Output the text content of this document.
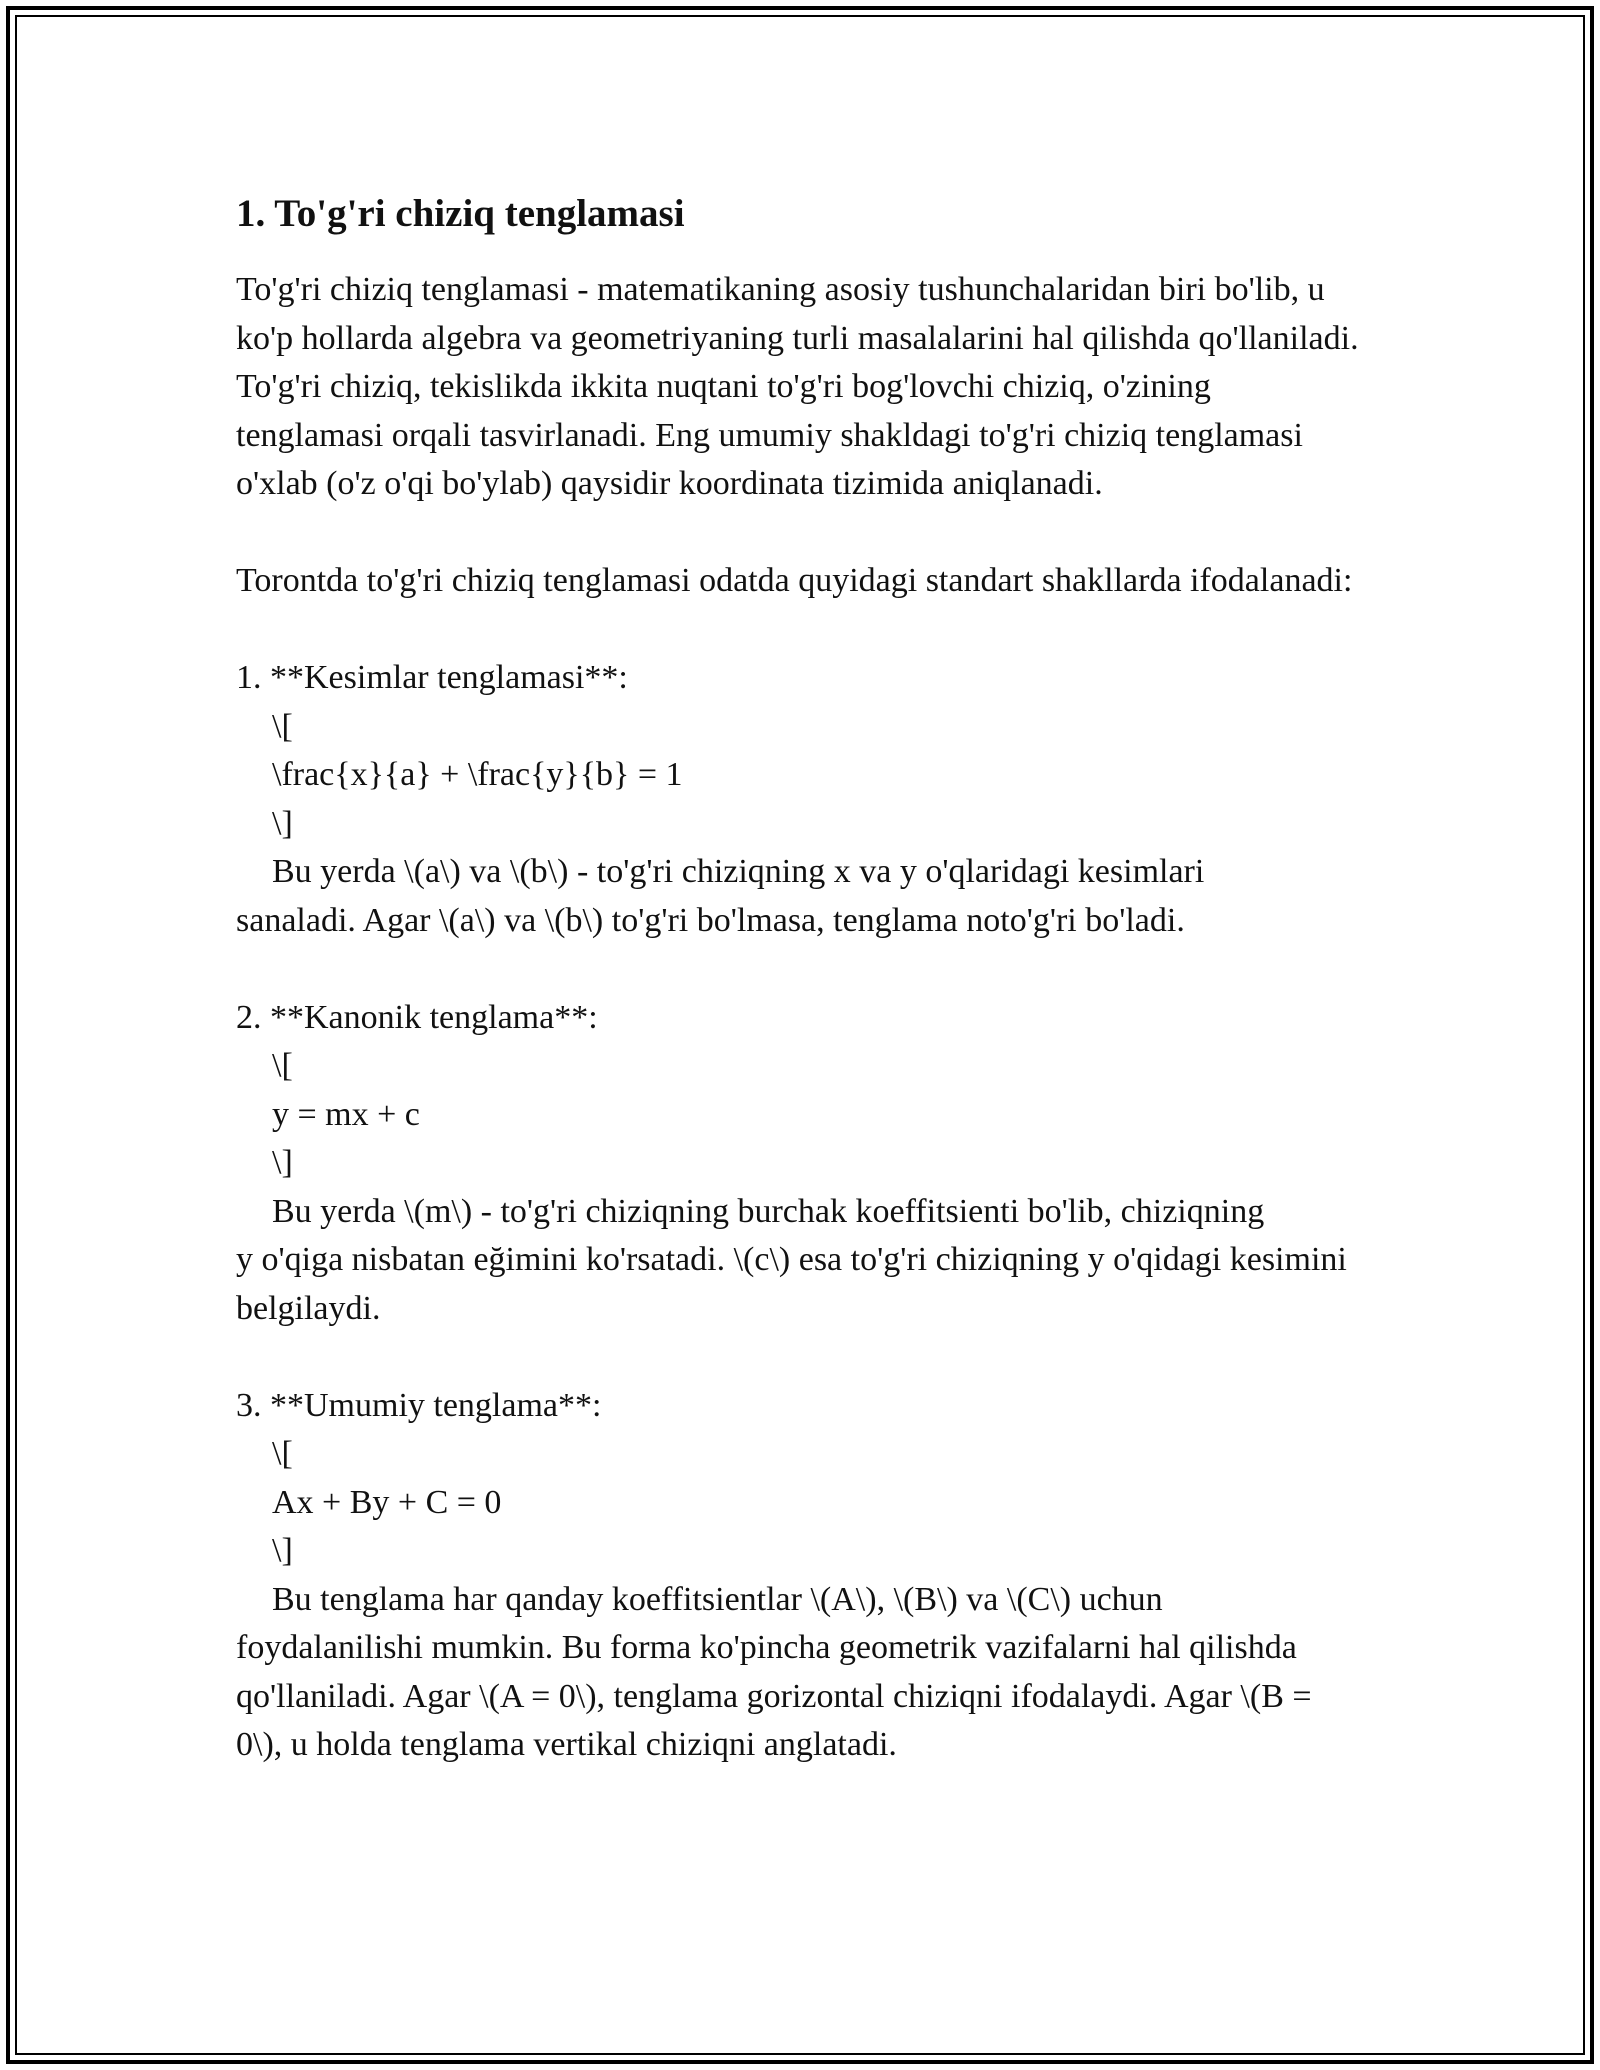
1. To'g'ri chiziq tenglamasi

To'g'ri chiziq tenglamasi - matematikaning asosiy tushunchalaridan biri bo'lib, u ko'p hollarda algebra va geometriyaning turli masalalarini hal qilishda qo'llaniladi. To'g'ri chiziq, tekislikda ikkita nuqtani to'g'ri bog'lovchi chiziq, o'zining tenglamasi orqali tasvirlanadi. Eng umumiy shakldagi to'g'ri chiziq tenglamasi o'xlab (o'z o'qi bo'ylab) qaysidir koordinata tizimida aniqlanadi.

Torontda to'g'ri chiziq tenglamasi odatda quyidagi standart shakllarda ifodalanadi:

1. **Kesimlar tenglamasi**:

\[

\frac{x}{a} + \frac{y}{b} = 1

\]

Bu yerda \(a\) va \(b\) - to'g'ri chiziqning x va y o'qlaridagi kesimlari

sanaladi. Agar \(a\) va \(b\) to'g'ri bo'lmasa, tenglama noto'g'ri bo'ladi.

2. **Kanonik tenglama**:

\[

y = mx + c

\]

Bu yerda \(m\) - to'g'ri chiziqning burchak koeffitsienti bo'lib, chiziqning

y o'qiga nisbatan eğimini ko'rsatadi. \(c\) esa to'g'ri chiziqning y o'qidagi kesimini belgilaydi.

3. **Umumiy tenglama**:

\[

Ax + By + C = 0

\]

Bu tenglama har qanday koeffitsientlar \(A\), \(B\) va \(C\) uchun

foydalanilishi mumkin. Bu forma ko'pincha geometrik vazifalarni hal qilishda qo'llaniladi. Agar \(A = 0\), tenglama gorizontal chiziqni ifodalaydi. Agar \(B = 0\), u holda tenglama vertikal chiziqni anglatadi.
